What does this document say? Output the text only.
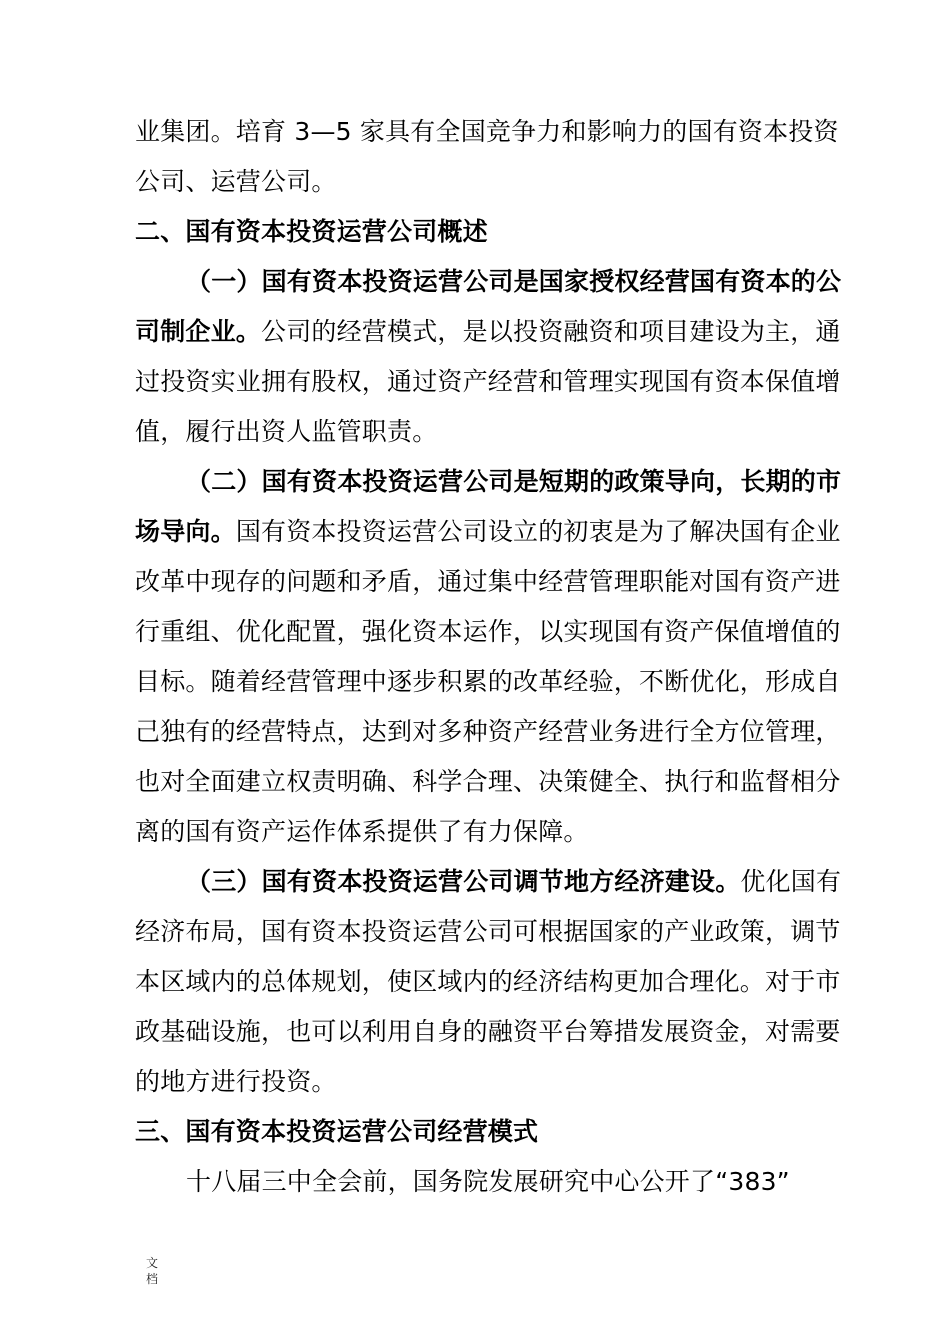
业集团。培育 3—5 家具有全国竞争力和影响力的国有资本投资
公司、运营公司。
二、国有资本投资运营公司概述
（一）国有资本投资运营公司是国家授权经营国有资本的公
司制企业。公司的经营模式，是以投资融资和项目建设为主，通
过投资实业拥有股权，通过资产经营和管理实现国有资本保值增
值，履行出资人监管职责。
（二）国有资本投资运营公司是短期的政策导向，长期的市
场导向。国有资本投资运营公司设立的初衷是为了解决国有企业
改革中现存的问题和矛盾，通过集中经营管理职能对国有资产进
行重组、优化配置，强化资本运作，以实现国有资产保值增值的
目标。随着经营管理中逐步积累的改革经验，不断优化，形成自
己独有的经营特点，达到对多种资产经营业务进行全方位管理，
也对全面建立权责明确、科学合理、决策健全、执行和监督相分
离的国有资产运作体系提供了有力保障。
（三）国有资本投资运营公司调节地方经济建设。优化国有
经济布局，国有资本投资运营公司可根据国家的产业政策，调节
本区域内的总体规划，使区域内的经济结构更加合理化。对于市
政基础设施，也可以利用自身的融资平台筹措发展资金，对需要
的地方进行投资。
三、国有资本投资运营公司经营模式
十八届三中全会前，国务院发展研究中心公开了“383”
文
档
